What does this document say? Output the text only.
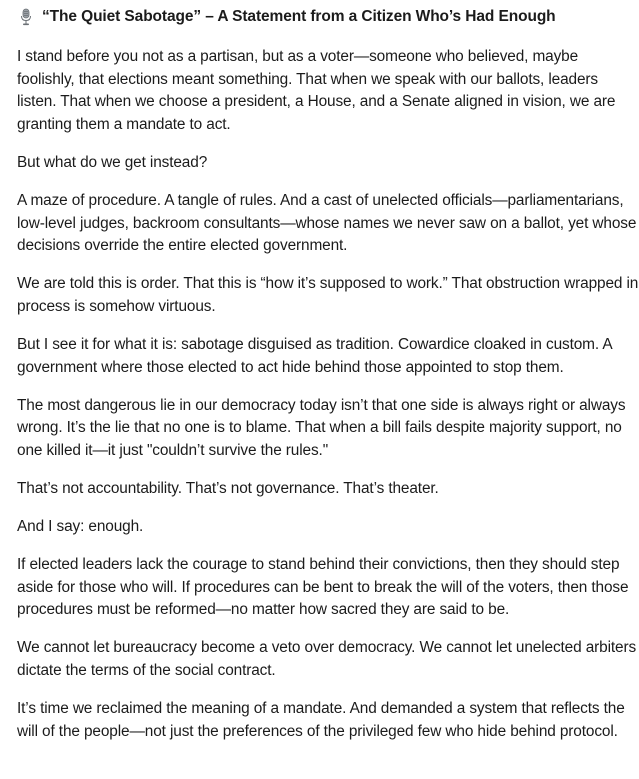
“The Quiet Sabotage” – A Statement from a Citizen Who’s Had Enough

I stand before you not as a partisan, but as a voter—someone who believed, maybe foolishly, that elections meant something. That when we speak with our ballots, leaders listen. That when we choose a president, a House, and a Senate aligned in vision, we are granting them a mandate to act.

But what do we get instead?

A maze of procedure. A tangle of rules. And a cast of unelected officials—parliamentarians, low-level judges, backroom consultants—whose names we never saw on a ballot, yet whose decisions override the entire elected government.

We are told this is order. That this is “how it’s supposed to work.” That obstruction wrapped in process is somehow virtuous.

But I see it for what it is: sabotage disguised as tradition. Cowardice cloaked in custom. A government where those elected to act hide behind those appointed to stop them.

The most dangerous lie in our democracy today isn’t that one side is always right or always wrong. It’s the lie that no one is to blame. That when a bill fails despite majority support, no one killed it—it just "couldn’t survive the rules."

That’s not accountability. That’s not governance. That’s theater.

And I say: enough.

If elected leaders lack the courage to stand behind their convictions, then they should step aside for those who will. If procedures can be bent to break the will of the voters, then those procedures must be reformed—no matter how sacred they are said to be.

We cannot let bureaucracy become a veto over democracy. We cannot let unelected arbiters dictate the terms of the social contract.

It’s time we reclaimed the meaning of a mandate. And demanded a system that reflects the will of the people—not just the preferences of the privileged few who hide behind protocol.
